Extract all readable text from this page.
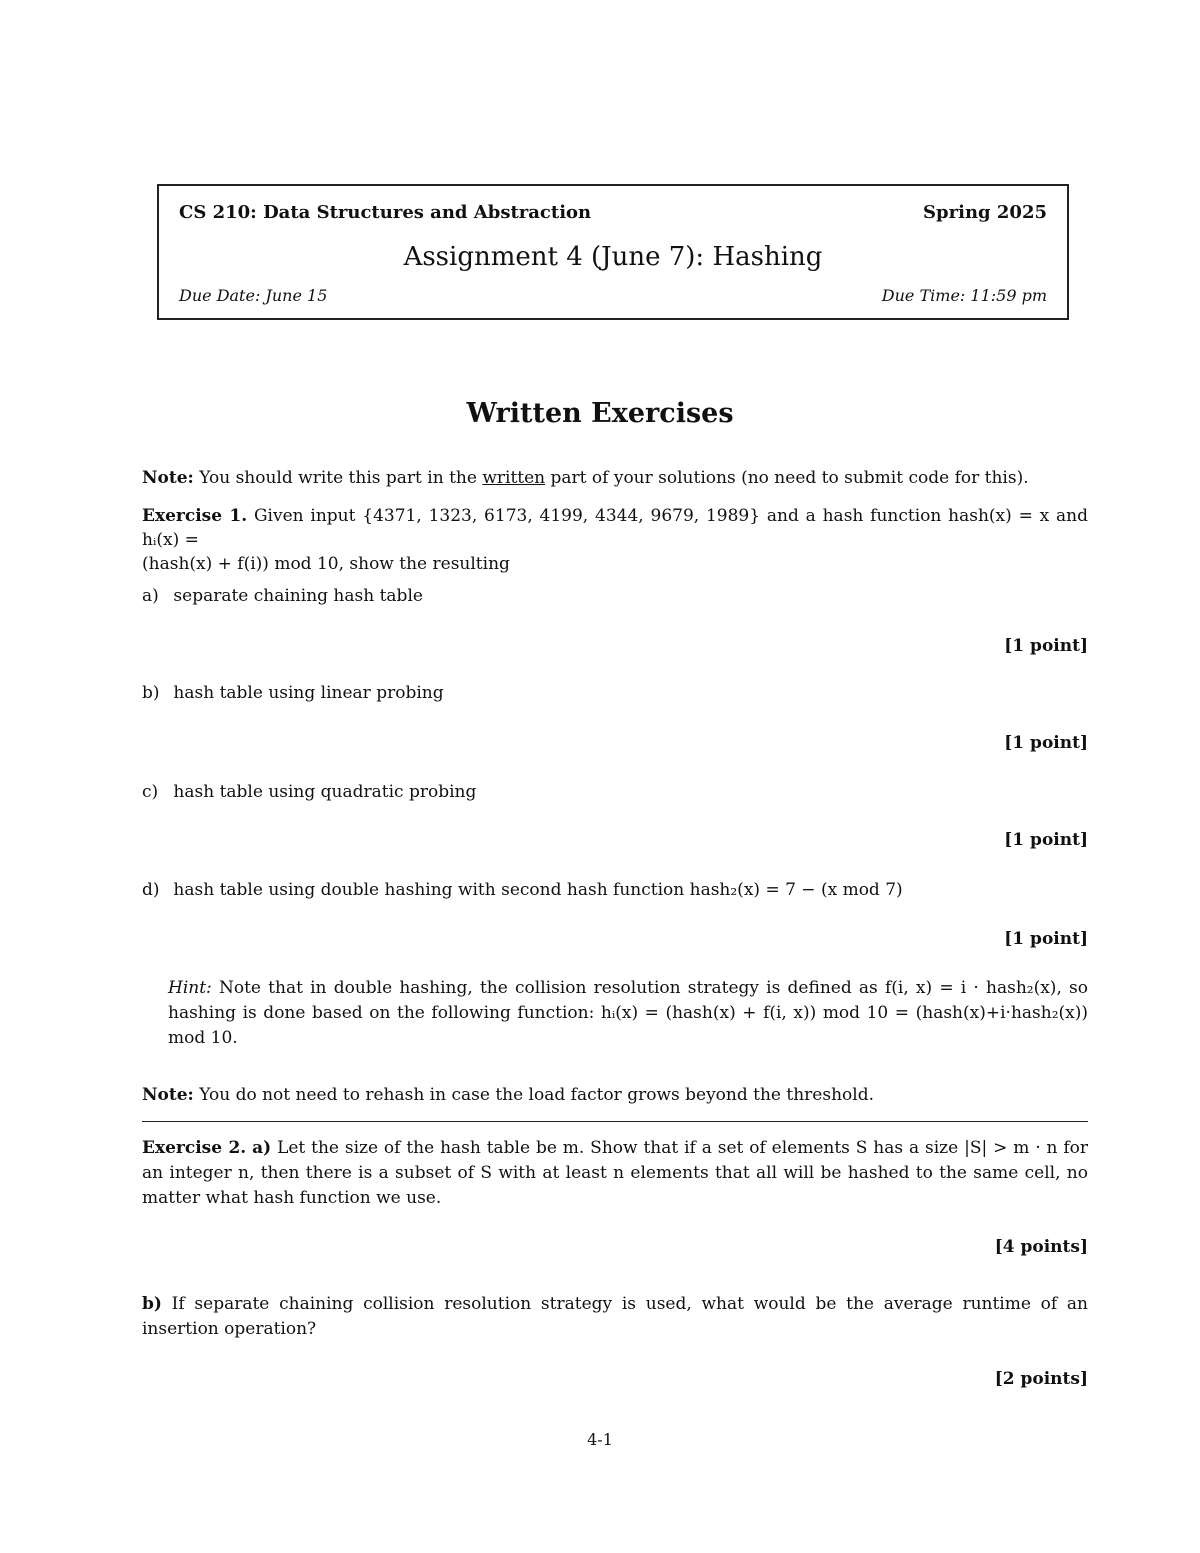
CS 210: Data Structures and Abstraction	Spring 2025
Assignment 4 (June 7): Hashing
Due Date: June 15	Due Time: 11:59 pm
Written Exercises
Note: You should write this part in the written part of your solutions (no need to submit code for this).
Exercise 1. Given input {4371, 1323, 6173, 4199, 4344, 9679, 1989} and a hash function hash(x) = x and hᵢ(x) =
(hash(x) + f(i)) mod 10, show the resulting
a) separate chaining hash table
[1 point]
b) hash table using linear probing
[1 point]
c) hash table using quadratic probing
[1 point]
d) hash table using double hashing with second hash function hash₂(x) = 7 − (x mod 7)
[1 point]
Hint: Note that in double hashing, the collision resolution strategy is defined as f(i, x) = i · hash₂(x), so hashing is done based on the following function: hᵢ(x) = (hash(x) + f(i, x)) mod 10 = (hash(x)+i·hash₂(x)) mod 10.
Note: You do not need to rehash in case the load factor grows beyond the threshold.
Exercise 2. a) Let the size of the hash table be m. Show that if a set of elements S has a size |S| > m · n for an integer n, then there is a subset of S with at least n elements that all will be hashed to the same cell, no matter what hash function we use.
[4 points]
b) If separate chaining collision resolution strategy is used, what would be the average runtime of an insertion operation?
[2 points]
4-1
